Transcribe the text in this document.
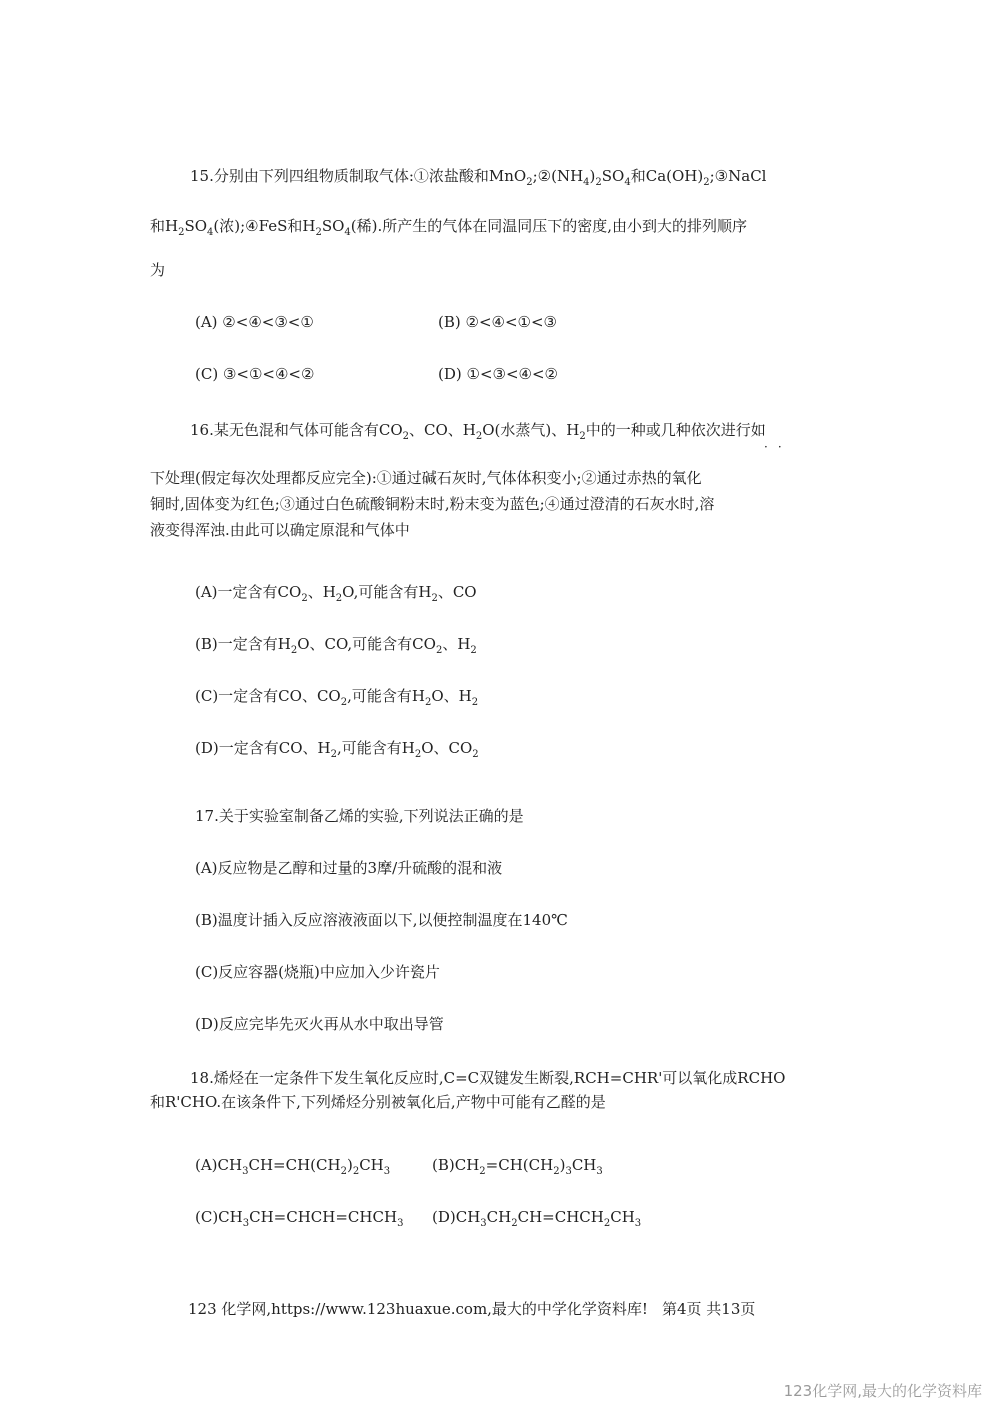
15.分别由下列四组物质制取气体:①浓盐酸和$MnO_2;②(NH_4)_2SO_4$和$Ca(OH)_2;③NaCl$
和$H_2SO_4$(浓);④FeS和$H_2SO_4$(稀).所产生的气体在同温同压下的密度,由小到大的排列顺序
为
(A) ②<④<③<①	(B) ②<④<①<③
(C) ③<①<④<②	(D) ①<③<④<②
16.某无色混和气体可能含有$CO_2$、CO、$H_2O$(水蒸气)、$H_2$中的一种或几种依次进行如
··
下处理(假定每次处理都反应完全):①通过碱石灰时,气体体积变小;②通过赤热的氧化
铜时,固体变为红色;③通过白色硫酸铜粉末时,粉末变为蓝色;④通过澄清的石灰水时,溶
液变得浑浊.由此可以确定原混和气体中
(A)一定含有$CO_2$、$H_2O$,可能含有$H_2$、CO
(B)一定含有$H_2O$、CO,可能含有$CO_2$、$H_2$
(C)一定含有CO、$CO_2$,可能含有$H_2O$、$H_2$
(D)一定含有CO、$H_2$,可能含有$H_2O$、$CO_2$
17.关于实验室制备乙烯的实验,下列说法正确的是
(A)反应物是乙醇和过量的3摩/升硫酸的混和液
(B)温度计插入反应溶液液面以下,以便控制温度在140℃
(C)反应容器(烧瓶)中应加入少许瓷片
(D)反应完毕先灭火再从水中取出导管
18.烯烃在一定条件下发生氧化反应时,C=C双键发生断裂,RCH=CHR'可以氧化成RCHO
和R'CHO.在该条件下,下列烯烃分别被氧化后,产物中可能有乙醛的是
$(A)CH_3CH=CH(CH_2)_2CH_3$	$(B)CH_2=CH(CH_2)_3CH_3$
$(C)CH_3CH=CHCH=CHCH_3$ $(D)CH_3CH_2CH=CHCH_2CH_3$
123 化学网,https://www.123huaxue.com,最大的中学化学资料库! 第4页 共13页
123化学网,最大的化学资料库
